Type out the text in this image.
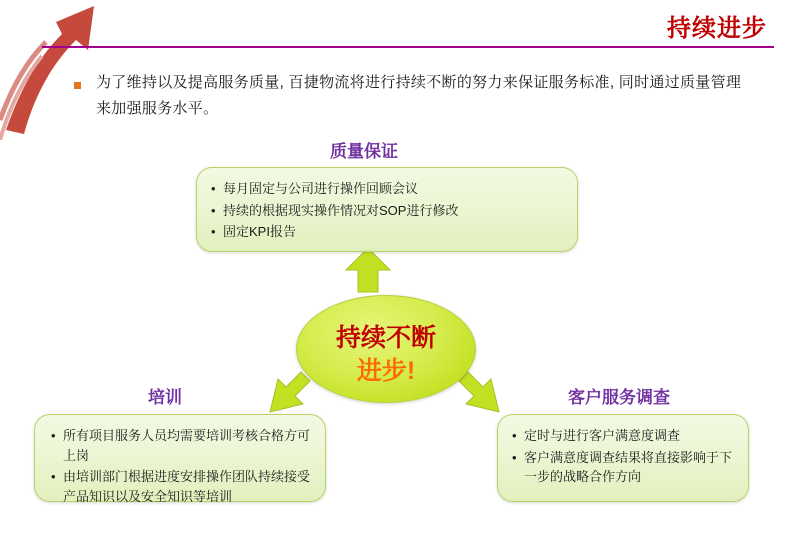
持续进步
为了维持以及提高服务质量, 百捷物流将进行持续不断的努力来保证服务标准, 同时通过质量管理来加强服务水平。
持续不断
进步!
质量保证
• 每月固定与公司进行操作回顾会议
• 持续的根据现实操作情况对SOP进行修改
• 固定KPI报告
培训
• 所有项目服务人员均需要培训考核合格方可上岗
• 由培训部门根据进度安排操作团队持续接受产品知识以及安全知识等培训
客户服务调查
• 定时与进行客户满意度调查
• 客户满意度调查结果将直接影响于下一步的战略合作方向
